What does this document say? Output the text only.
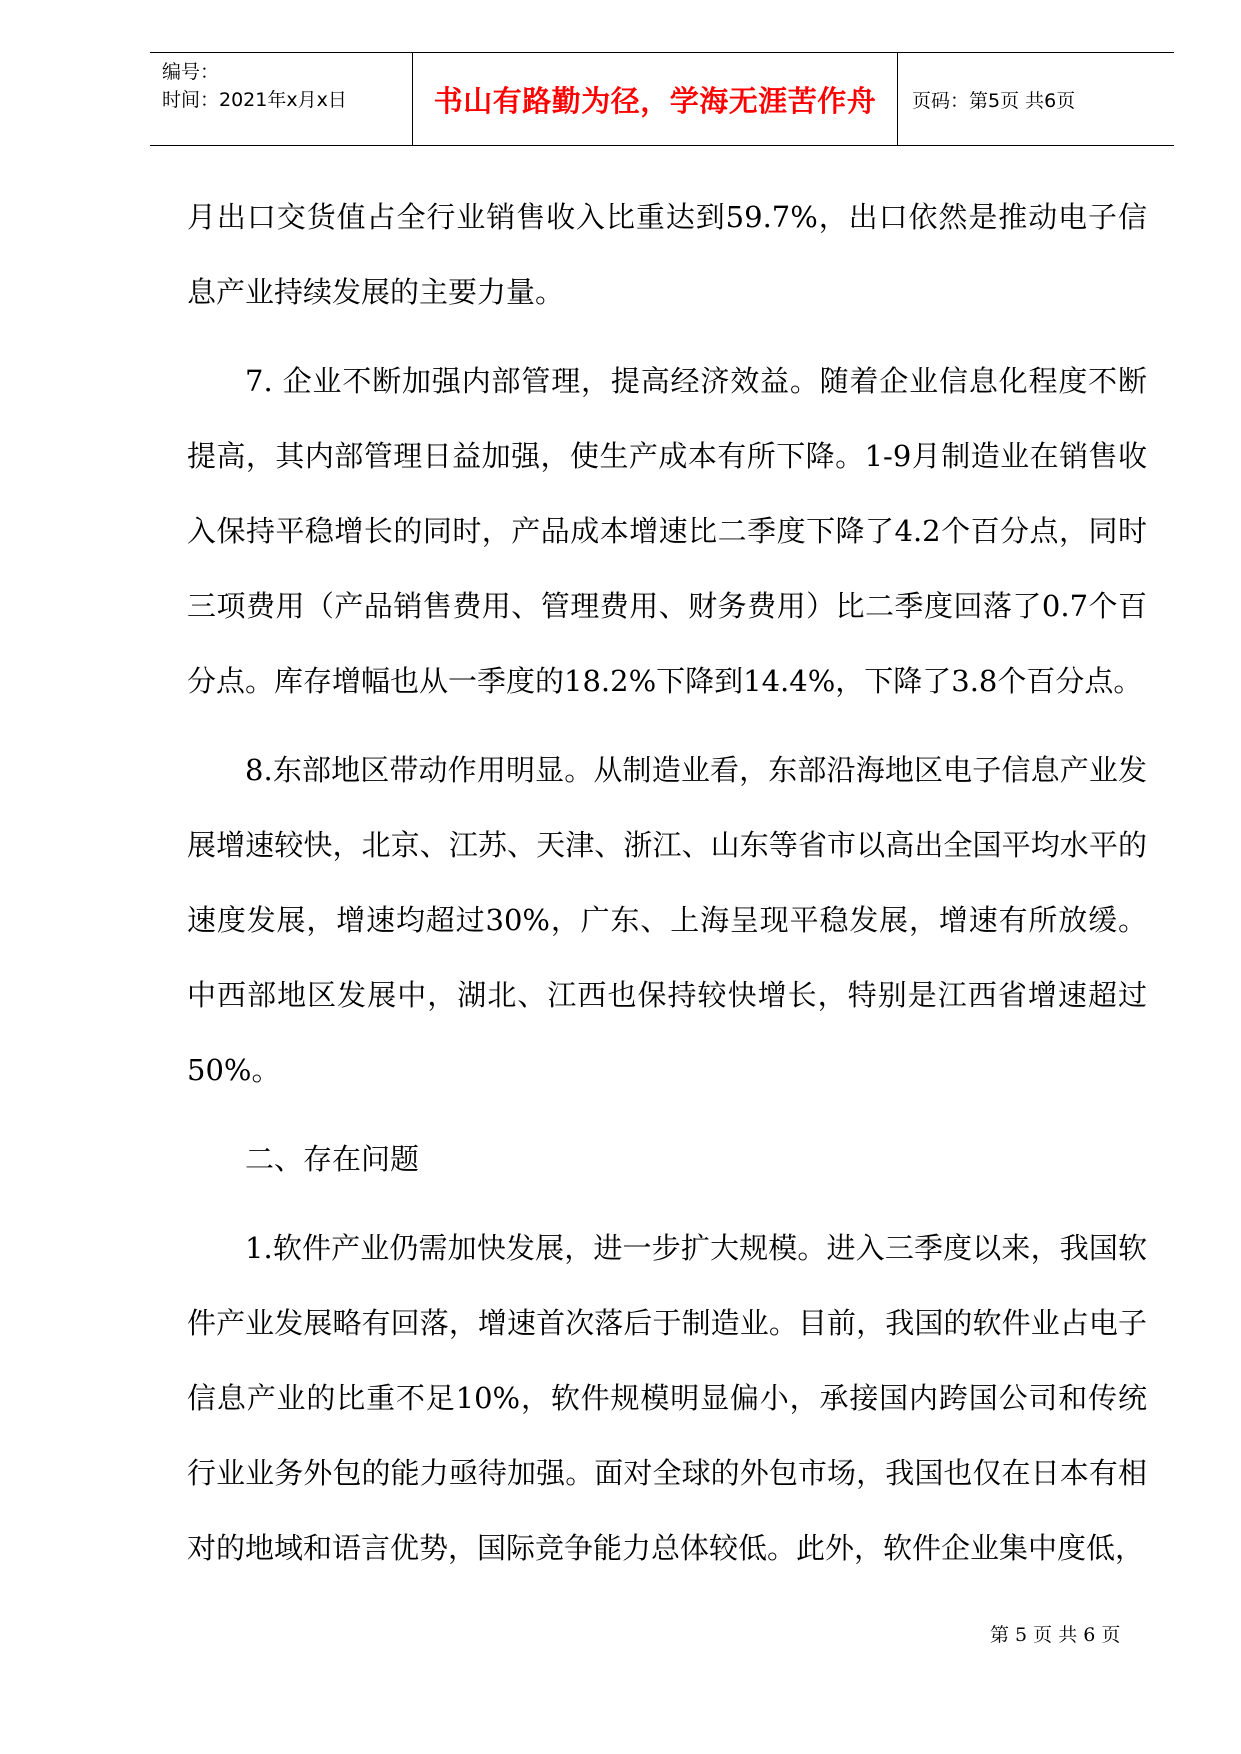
编号：
时间：2021年x月x日	书山有路勤为径，学海无涯苦作舟 页码：第5页 共6页

月出口交货值占全行业销售收入比重达到59.7%，出口依然是推动电子信息产业持续发展的主要力量。

7. 企业不断加强内部管理，提高经济效益。随着企业信息化程度不断提高，其内部管理日益加强，使生产成本有所下降。1-9月制造业在销售收入保持平稳增长的同时，产品成本增速比二季度下降了4.2个百分点，同时三项费用（产品销售费用、管理费用、财务费用）比二季度回落了0.7个百分点。库存增幅也从一季度的18.2%下降到14.4%，下降了3.8个百分点。

8.东部地区带动作用明显。从制造业看，东部沿海地区电子信息产业发展增速较快，北京、江苏、天津、浙江、山东等省市以高出全国平均水平的速度发展，增速均超过30%，广东、上海呈现平稳发展，增速有所放缓。中西部地区发展中，湖北、江西也保持较快增长，特别是江西省增速超过50%。

二、存在问题

1.软件产业仍需加快发展，进一步扩大规模。进入三季度以来，我国软件产业发展略有回落，增速首次落后于制造业。目前，我国的软件业占电子信息产业的比重不足10%，软件规模明显偏小，承接国内跨国公司和传统行业业务外包的能力亟待加强。面对全球的外包市场，我国也仅在日本有相对的地域和语言优势，国际竞争能力总体较低。此外，软件企业集中度低，

第 5 页 共 6 页
